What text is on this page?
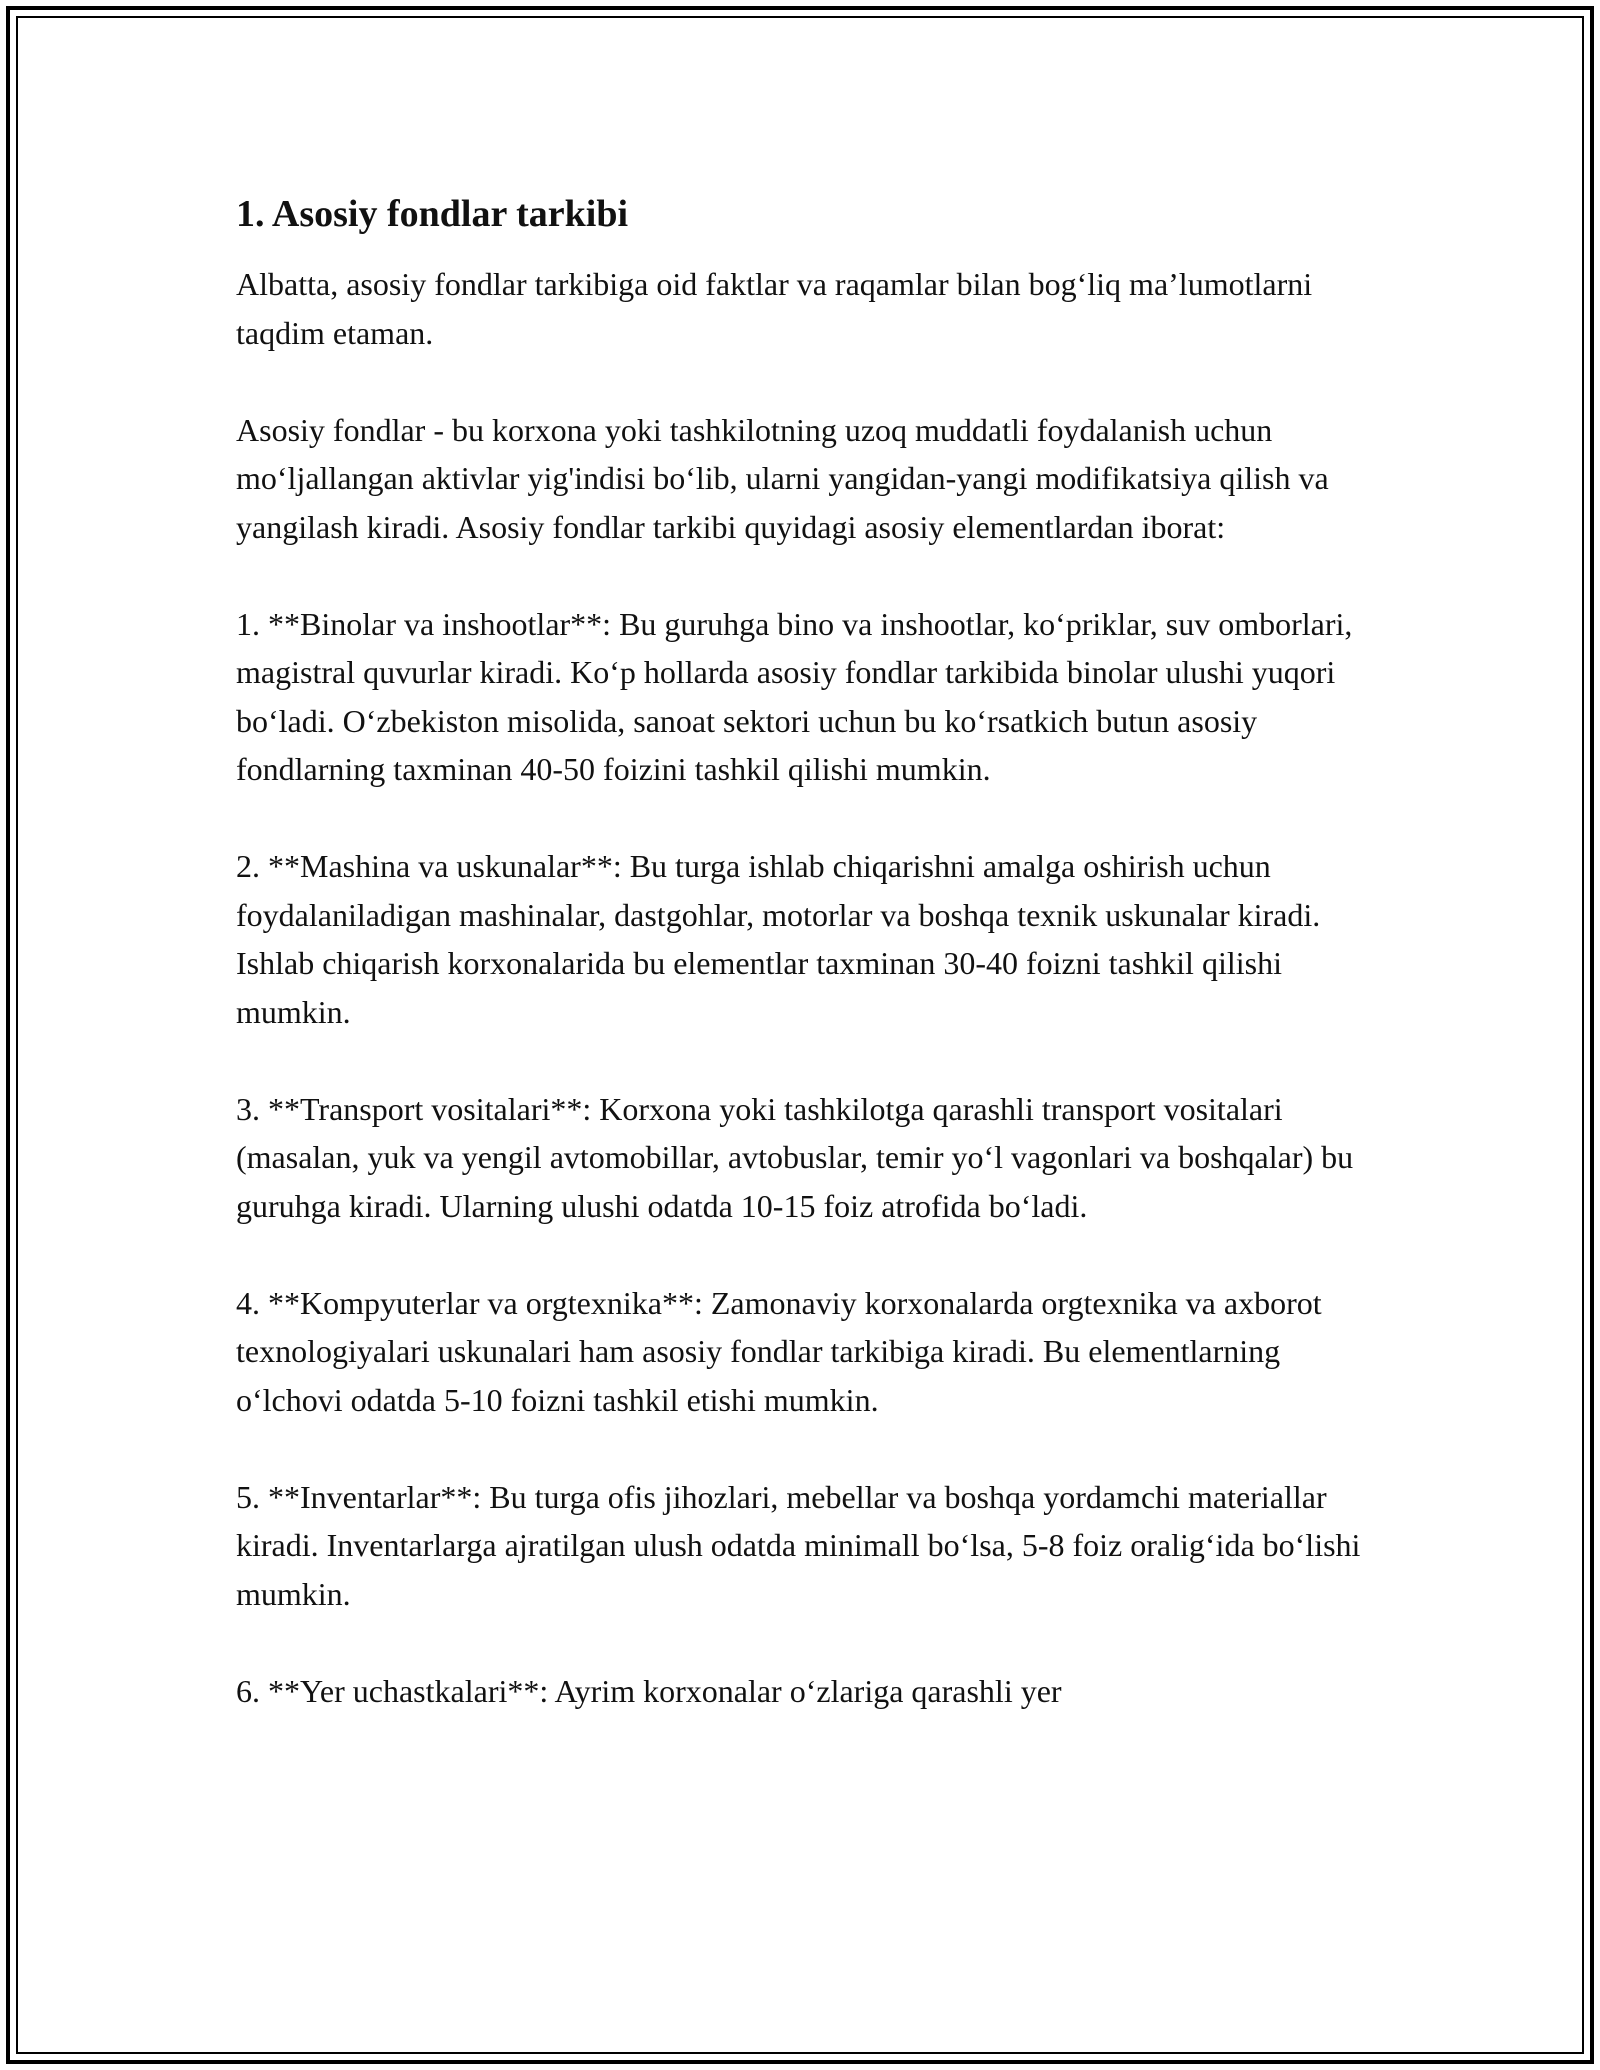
1. Asosiy fondlar tarkibi

Albatta, asosiy fondlar tarkibiga oid faktlar va raqamlar bilan bog‘liq ma’lumotlarni taqdim etaman.

Asosiy fondlar - bu korxona yoki tashkilotning uzoq muddatli foydalanish uchun mo‘ljallangan aktivlar yig'indisi bo‘lib, ularni yangidan-yangi modifikatsiya qilish va yangilash kiradi. Asosiy fondlar tarkibi quyidagi asosiy elementlardan iborat:

1. **Binolar va inshootlar**: Bu guruhga bino va inshootlar, ko‘priklar, suv omborlari, magistral quvurlar kiradi. Ko‘p hollarda asosiy fondlar tarkibida binolar ulushi yuqori bo‘ladi. O‘zbekiston misolida, sanoat sektori uchun bu ko‘rsatkich butun asosiy fondlarning taxminan 40-50 foizini tashkil qilishi mumkin.

2. **Mashina va uskunalar**: Bu turga ishlab chiqarishni amalga oshirish uchun foydalaniladigan mashinalar, dastgohlar, motorlar va boshqa texnik uskunalar kiradi. Ishlab chiqarish korxonalarida bu elementlar taxminan 30-40 foizni tashkil qilishi mumkin.

3. **Transport vositalari**: Korxona yoki tashkilotga qarashli transport vositalari (masalan, yuk va yengil avtomobillar, avtobuslar, temir yo‘l vagonlari va boshqalar) bu guruhga kiradi. Ularning ulushi odatda 10-15 foiz atrofida bo‘ladi.

4. **Kompyuterlar va orgtexnika**: Zamonaviy korxonalarda orgtexnika va axborot texnologiyalari uskunalari ham asosiy fondlar tarkibiga kiradi. Bu elementlarning o‘lchovi odatda 5-10 foizni tashkil etishi mumkin.

5. **Inventarlar**: Bu turga ofis jihozlari, mebellar va boshqa yordamchi materiallar kiradi. Inventarlarga ajratilgan ulush odatda minimall bo‘lsa, 5-8 foiz oralig‘ida bo‘lishi mumkin.

6. **Yer uchastkalari**: Ayrim korxonalar o‘zlariga qarashli yer
